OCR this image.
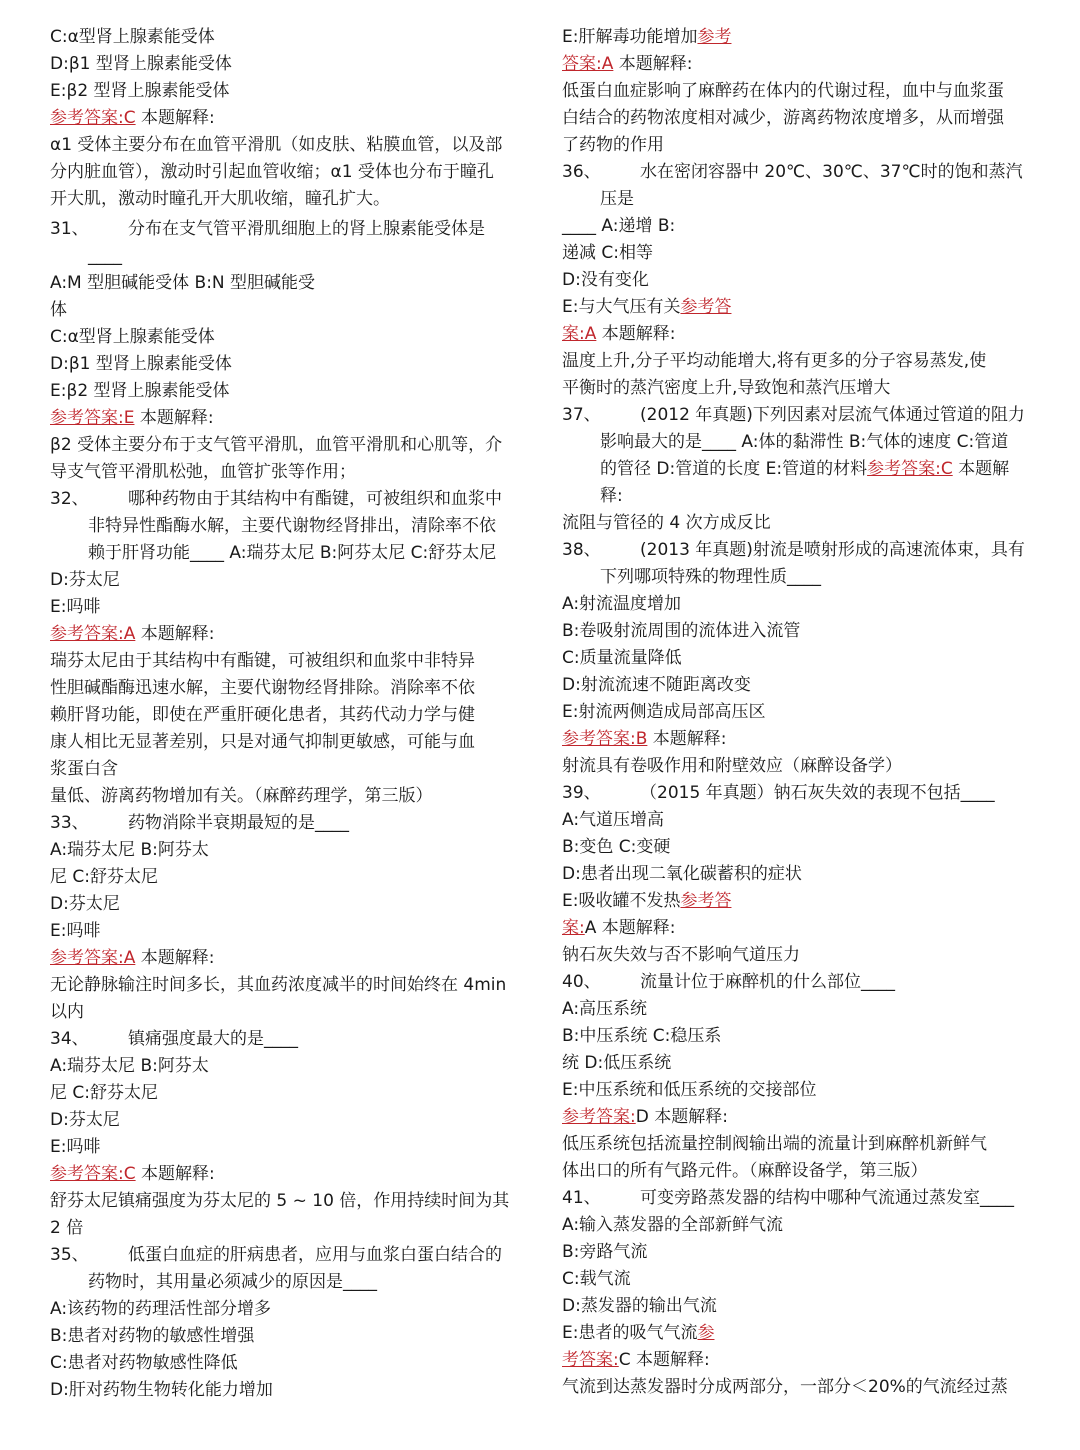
C:α型肾上腺素能受体
D:β1 型肾上腺素能受体
E:β2 型肾上腺素能受体
参考答案:C 本题解释:
α1 受体主要分布在血管平滑肌（如皮肤、粘膜血管，以及部
分内脏血管），激动时引起血管收缩；α1 受体也分布于瞳孔
开大肌，激动时瞳孔开大肌收缩，瞳孔扩大。
31、 分布在支气管平滑肌细胞上的肾上腺素能受体是
____
A:M 型胆碱能受体 B:N 型胆碱能受
体
C:α型肾上腺素能受体
D:β1 型肾上腺素能受体
E:β2 型肾上腺素能受体
参考答案:E 本题解释:
β2 受体主要分布于支气管平滑肌，血管平滑肌和心肌等，介
导支气管平滑肌松弛，血管扩张等作用；
32、 哪种药物由于其结构中有酯键，可被组织和血浆中
非特异性酯酶水解，主要代谢物经肾排出，清除率不依
赖于肝肾功能____ A:瑞芬太尼 B:阿芬太尼 C:舒芬太尼
D:芬太尼
E:吗啡
参考答案:A 本题解释:
瑞芬太尼由于其结构中有酯键，可被组织和血浆中非特异
性胆碱酯酶迅速水解，主要代谢物经肾排除。消除率不依
赖肝肾功能，即使在严重肝硬化患者，其药代动力学与健
康人相比无显著差别，只是对通气抑制更敏感，可能与血
浆蛋白含
量低、游离药物增加有关。（麻醉药理学，第三版）
33、 药物消除半衰期最短的是____
A:瑞芬太尼 B:阿芬太
尼 C:舒芬太尼
D:芬太尼
E:吗啡
参考答案:A 本题解释:
无论静脉输注时间多长，其血药浓度减半的时间始终在 4min
以内
34、 镇痛强度最大的是____
A:瑞芬太尼 B:阿芬太
尼 C:舒芬太尼
D:芬太尼
E:吗啡
参考答案:C 本题解释:
舒芬太尼镇痛强度为芬太尼的 5 ~ 10 倍，作用持续时间为其
2 倍
35、 低蛋白血症的肝病患者，应用与血浆白蛋白结合的
药物时，其用量必须减少的原因是____
A:该药物的药理活性部分增多
B:患者对药物的敏感性增强
C:患者对药物敏感性降低
D:肝对药物生物转化能力增加
E:肝解毒功能增加参考
答案:A 本题解释:
低蛋白血症影响了麻醉药在体内的代谢过程，血中与血浆蛋
白结合的药物浓度相对减少，游离药物浓度增多，从而增强
了药物的作用
36、 水在密闭容器中 20℃、30℃、37℃时的饱和蒸汽
压是
____ A:递增 B:
递减 C:相等
D:没有变化
E:与大气压有关参考答
案:A 本题解释:
温度上升,分子平均动能增大,将有更多的分子容易蒸发,使
平衡时的蒸汽密度上升,导致饱和蒸汽压增大
37、 (2012 年真题)下列因素对层流气体通过管道的阻力
影响最大的是____ A:体的黏滞性 B:气体的速度 C:管道
的管径 D:管道的长度 E:管道的材料参考答案:C 本题解
释:
流阻与管径的 4 次方成反比
38、 (2013 年真题)射流是喷射形成的高速流体束，具有
下列哪项特殊的物理性质____
A:射流温度增加
B:卷吸射流周围的流体进入流管
C:质量流量降低
D:射流流速不随距离改变
E:射流两侧造成局部高压区
参考答案:B 本题解释:
射流具有卷吸作用和附壁效应（麻醉设备学）
39、 （2015 年真题）钠石灰失效的表现不包括____
A:气道压增高
B:变色 C:变硬
D:患者出现二氧化碳蓄积的症状
E:吸收罐不发热参考答
案:A 本题解释:
钠石灰失效与否不影响气道压力
40、 流量计位于麻醉机的什么部位____
A:高压系统
B:中压系统 C:稳压系
统 D:低压系统
E:中压系统和低压系统的交接部位
参考答案:D 本题解释:
低压系统包括流量控制阀输出端的流量计到麻醉机新鲜气
体出口的所有气路元件。（麻醉设备学，第三版）
41、 可变旁路蒸发器的结构中哪种气流通过蒸发室____
A:输入蒸发器的全部新鲜气流
B:旁路气流
C:载气流
D:蒸发器的输出气流
E:患者的吸气气流参
考答案:C 本题解释:
气流到达蒸发器时分成两部分，一部分＜20%的气流经过蒸
